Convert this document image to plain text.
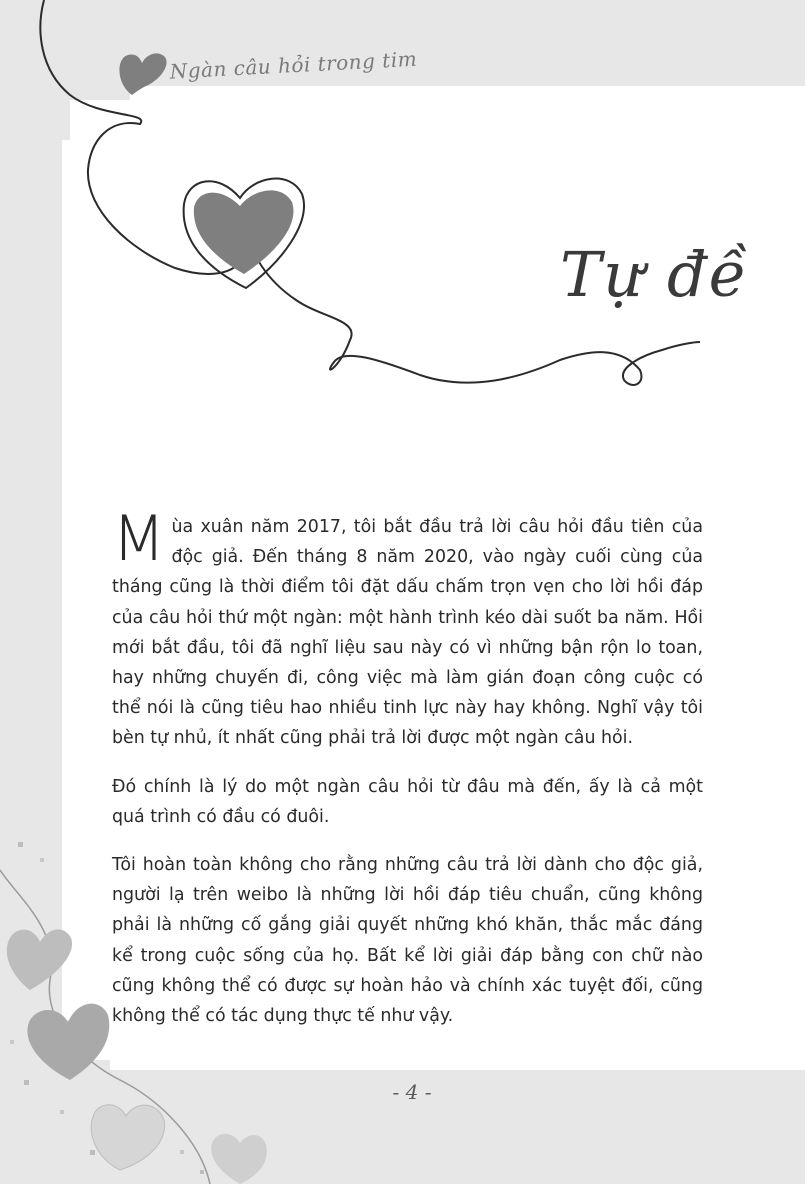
Ngàn câu hỏi trong tim
Tự đề

Mùa xuân năm 2017, tôi bắt đầu trả lời câu hỏi đầu tiên của độc giả. Đến tháng 8 năm 2020, vào ngày cuối cùng của tháng cũng là thời điểm tôi đặt dấu chấm trọn vẹn cho lời hồi đáp của câu hỏi thứ một ngàn: một hành trình kéo dài suốt ba năm. Hồi mới bắt đầu, tôi đã nghĩ liệu sau này có vì những bận rộn lo toan, hay những chuyến đi, công việc mà làm gián đoạn công cuộc có thể nói là cũng tiêu hao nhiều tinh lực này hay không. Nghĩ vậy tôi bèn tự nhủ, ít nhất cũng phải trả lời được một ngàn câu hỏi.

Đó chính là lý do một ngàn câu hỏi từ đâu mà đến, ấy là cả một quá trình có đầu có đuôi.

Tôi hoàn toàn không cho rằng những câu trả lời dành cho độc giả, người lạ trên weibo là những lời hồi đáp tiêu chuẩn, cũng không phải là những cố gắng giải quyết những khó khăn, thắc mắc đáng kể trong cuộc sống của họ. Bất kể lời giải đáp bằng con chữ nào cũng không thể có được sự hoàn hảo và chính xác tuyệt đối, cũng không thể có tác dụng thực tế như vậy.

- 4 -
